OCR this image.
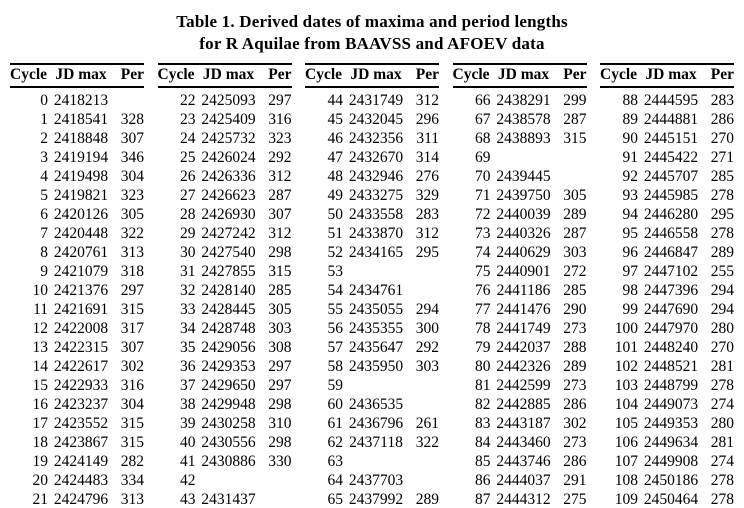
Table 1. Derived dates of maxima and period lengths
for R Aquilae from BAAVSS and AFOEV data
Cycle	JD max	Per
0	2418213	
1	2418541	328
2	2418848	307
3	2419194	346
4	2419498	304
5	2419821	323
6	2420126	305
7	2420448	322
8	2420761	313
9	2421079	318
10	2421376	297
11	2421691	315
12	2422008	317
13	2422315	307
14	2422617	302
15	2422933	316
16	2423237	304
17	2423552	315
18	2423867	315
19	2424149	282
20	2424483	334
21	2424796	313
Cycle	JD max	Per
22	2425093	297
23	2425409	316
24	2425732	323
25	2426024	292
26	2426336	312
27	2426623	287
28	2426930	307
29	2427242	312
30	2427540	298
31	2427855	315
32	2428140	285
33	2428445	305
34	2428748	303
35	2429056	308
36	2429353	297
37	2429650	297
38	2429948	298
39	2430258	310
40	2430556	298
41	2430886	330
42		
43	2431437	
Cycle	JD max	Per
44	2431749	312
45	2432045	296
46	2432356	311
47	2432670	314
48	2432946	276
49	2433275	329
50	2433558	283
51	2433870	312
52	2434165	295
53		
54	2434761	
55	2435055	294
56	2435355	300
57	2435647	292
58	2435950	303
59		
60	2436535	
61	2436796	261
62	2437118	322
63		
64	2437703	
65	2437992	289
Cycle	JD max	Per
66	2438291	299
67	2438578	287
68	2438893	315
69		
70	2439445	
71	2439750	305
72	2440039	289
73	2440326	287
74	2440629	303
75	2440901	272
76	2441186	285
77	2441476	290
78	2441749	273
79	2442037	288
80	2442326	289
81	2442599	273
82	2442885	286
83	2443187	302
84	2443460	273
85	2443746	286
86	2444037	291
87	2444312	275
Cycle	JD max	Per
88	2444595	283
89	2444881	286
90	2445151	270
91	2445422	271
92	2445707	285
93	2445985	278
94	2446280	295
95	2446558	278
96	2446847	289
97	2447102	255
98	2447396	294
99	2447690	294
100	2447970	280
101	2448240	270
102	2448521	281
103	2448799	278
104	2449073	274
105	2449353	280
106	2449634	281
107	2449908	274
108	2450186	278
109	2450464	278
